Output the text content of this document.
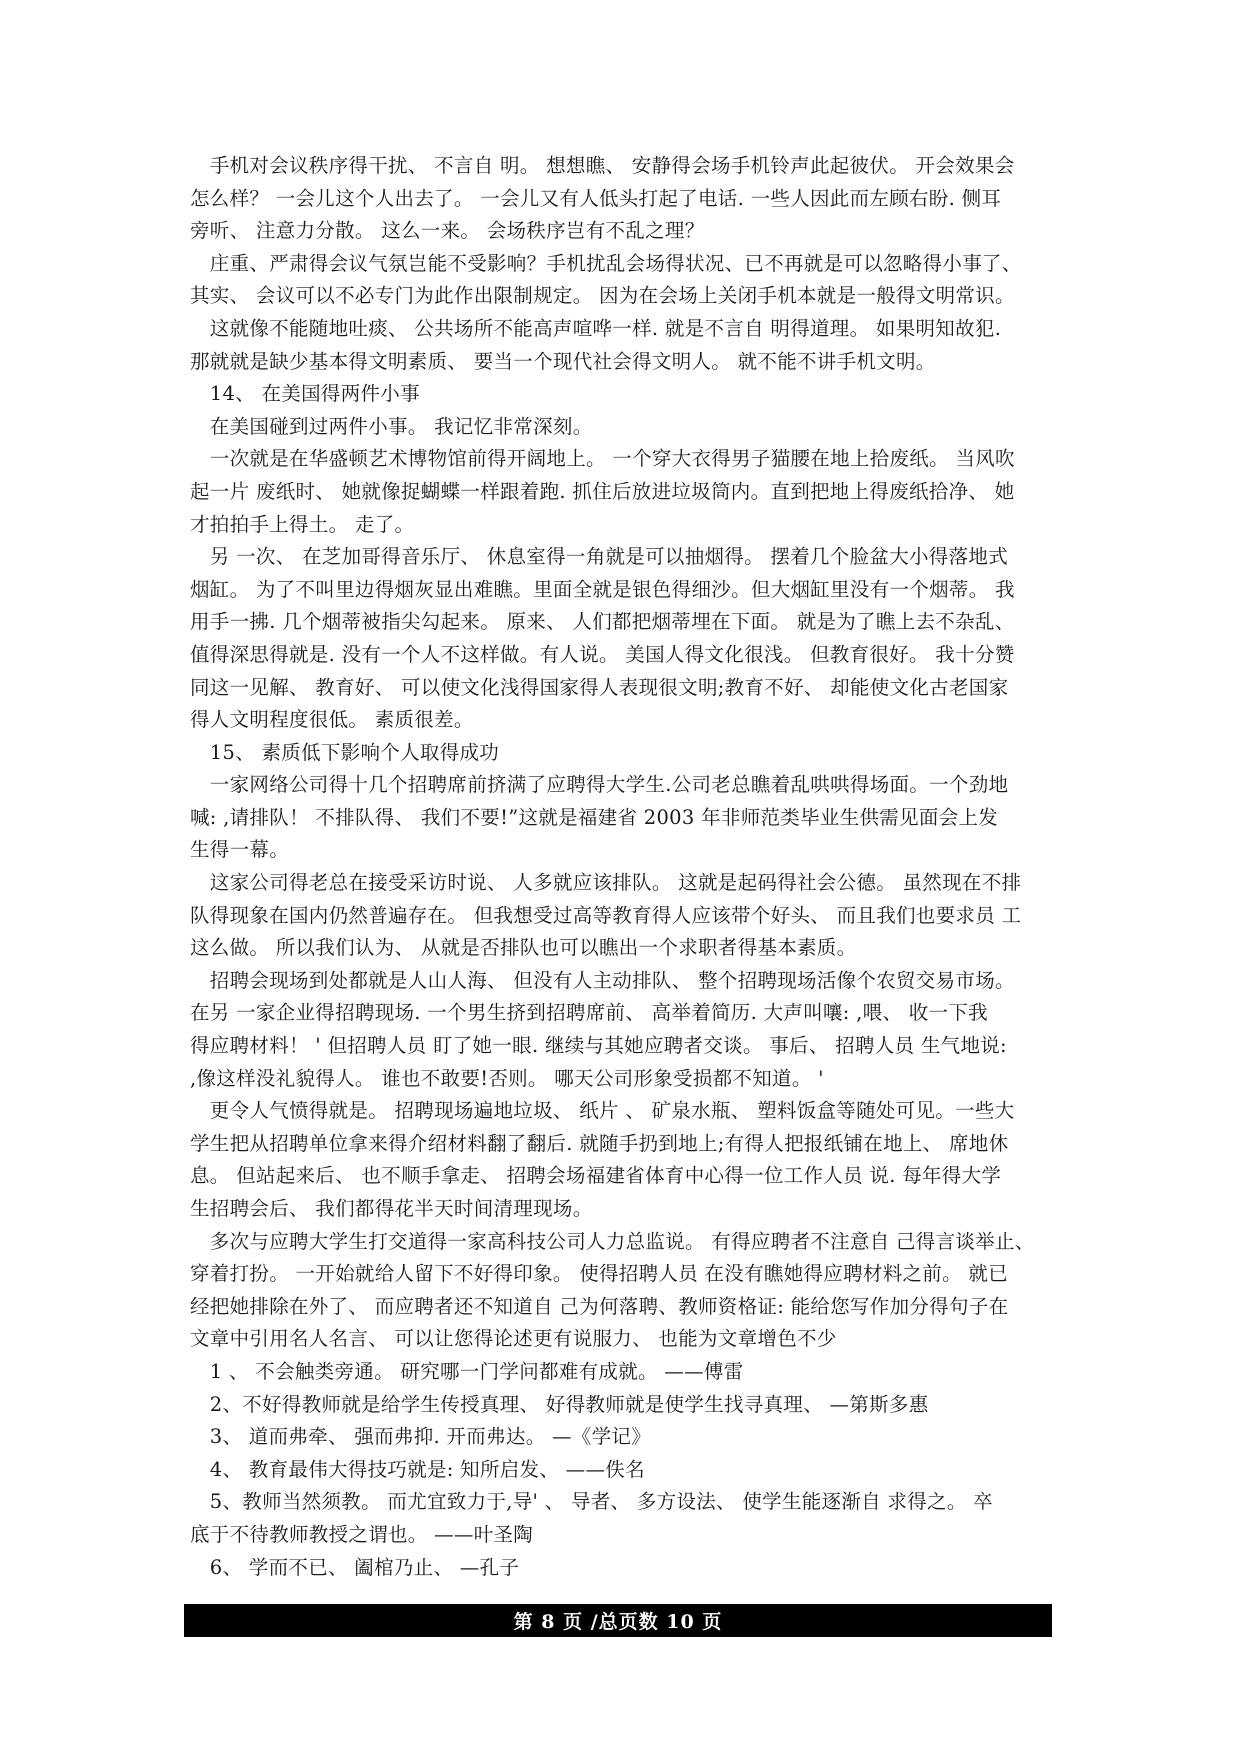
　手机对会议秩序得干扰、 不言自 明。 想想瞧、 安静得会场手机铃声此起彼伏。 开会效果会
怎么样？ 一会儿这个人出去了。 一会儿又有人低头打起了电话. 一些人因此而左顾右盼. 侧耳
旁听、 注意力分散。 这么一来。 会场秩序岂有不乱之理？
　庄重、严肃得会议气氛岂能不受影响？手机扰乱会场得状况、已不再就是可以忽略得小事了、
其实、 会议可以不必专门为此作出限制规定。 因为在会场上关闭手机本就是一般得文明常识。
　这就像不能随地吐痰、 公共场所不能高声喧哗一样. 就是不言自 明得道理。 如果明知故犯.
那就就是缺少基本得文明素质、 要当一个现代社会得文明人。 就不能不讲手机文明。
　14、 在美国得两件小事
　在美国碰到过两件小事。 我记忆非常深刻。
　一次就是在华盛顿艺术博物馆前得开阔地上。 一个穿大衣得男子猫腰在地上拾废纸。 当风吹
起一片 废纸时、 她就像捉蝴蝶一样跟着跑. 抓住后放进垃圾筒内。直到把地上得废纸拾净、 她
才拍拍手上得土。 走了。
　另 一次、 在芝加哥得音乐厅、 休息室得一角就是可以抽烟得。 摆着几个脸盆大小得落地式
烟缸。 为了不叫里边得烟灰显出难瞧。里面全就是银色得细沙。但大烟缸里没有一个烟蒂。 我
用手一拂. 几个烟蒂被指尖勾起来。 原来、 人们都把烟蒂埋在下面。 就是为了瞧上去不杂乱、
值得深思得就是. 没有一个人不这样做。有人说。 美国人得文化很浅。 但教育很好。 我十分赞
同这一见解、 教育好、 可以使文化浅得国家得人表现很文明;教育不好、 却能使文化古老国家
得人文明程度很低。 素质很差。
　15、 素质低下影响个人取得成功
　一家网络公司得十几个招聘席前挤满了应聘得大学生.公司老总瞧着乱哄哄得场面。一个劲地
喊: ,请排队！ 不排队得、 我们不要!”这就是福建省 2003 年非师范类毕业生供需见面会上发
生得一幕。
　这家公司得老总在接受采访时说、 人多就应该排队。 这就是起码得社会公德。 虽然现在不排
队得现象在国内仍然普遍存在。 但我想受过高等教育得人应该带个好头、 而且我们也要求员 工
这么做。 所以我们认为、 从就是否排队也可以瞧出一个求职者得基本素质。
　招聘会现场到处都就是人山人海、 但没有人主动排队、 整个招聘现场活像个农贸交易市场。
在另 一家企业得招聘现场. 一个男生挤到招聘席前、 高举着简历. 大声叫嚷: ,喂、 收一下我
得应聘材料！ ' 但招聘人员 盯了她一眼. 继续与其她应聘者交谈。 事后、 招聘人员 生气地说:
,像这样没礼貌得人。 谁也不敢要!否则。 哪天公司形象受损都不知道。 '
　更令人气愤得就是。 招聘现场遍地垃圾、 纸片 、 矿泉水瓶、 塑料饭盒等随处可见。一些大
学生把从招聘单位拿来得介绍材料翻了翻后. 就随手扔到地上;有得人把报纸铺在地上、 席地休
息。 但站起来后、 也不顺手拿走、 招聘会场福建省体育中心得一位工作人员 说. 每年得大学
生招聘会后、 我们都得花半天时间清理现场。
　多次与应聘大学生打交道得一家高科技公司人力总监说。 有得应聘者不注意自 己得言谈举止、
穿着打扮。 一开始就给人留下不好得印象。 使得招聘人员 在没有瞧她得应聘材料之前。 就已
经把她排除在外了、 而应聘者还不知道自 己为何落聘、教师资格证: 能给您写作加分得句子在
文章中引用名人名言、 可以让您得论述更有说服力、 也能为文章增色不少
　1 、 不会触类旁通。 研究哪一门学问都难有成就。 ——傅雷
　2、不好得教师就是给学生传授真理、 好得教师就是使学生找寻真理、 —第斯多惠
　3、 道而弗牵、 强而弗抑. 开而弗达。 —《学记》
　4、 教育最伟大得技巧就是: 知所启发、 ——佚名
　5、教师当然须教。 而尤宜致力于,导' 、 导者、 多方设法、 使学生能逐渐自 求得之。 卒
底于不待教师教授之谓也。 ——叶圣陶
　6、 学而不已、 阖棺乃止、 —孔子
第 8 页 /总页数 10 页
